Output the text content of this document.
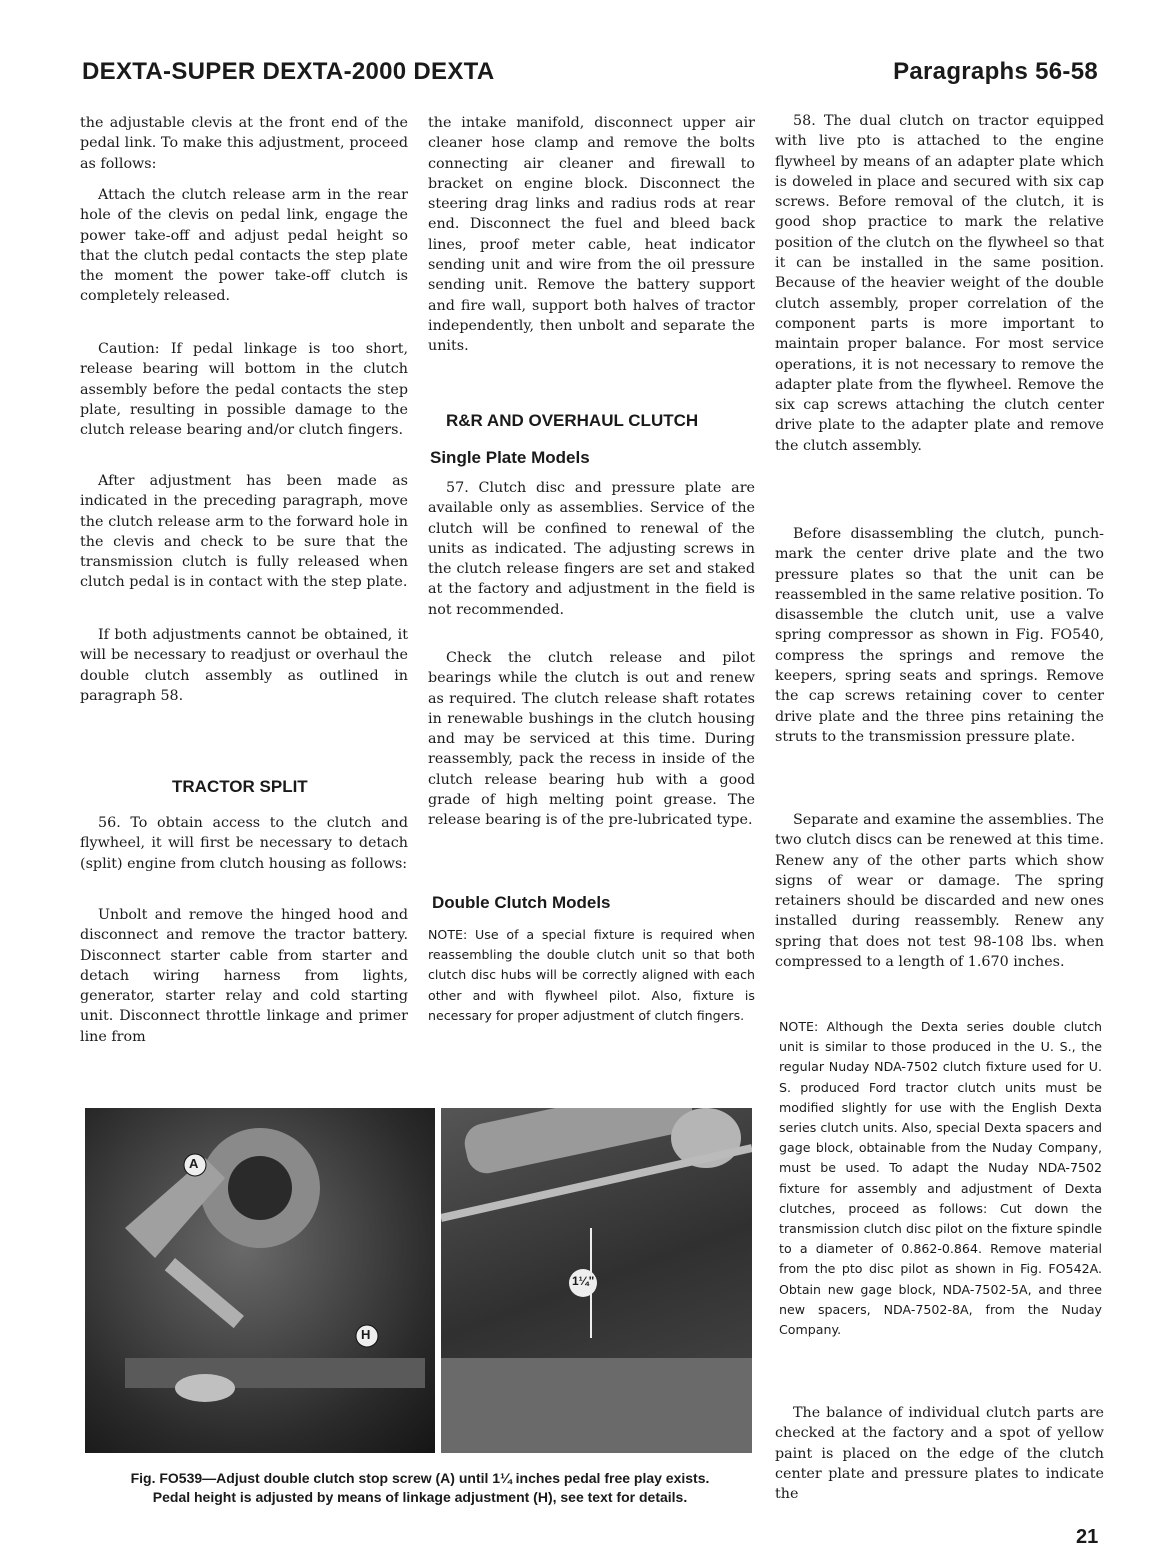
DEXTA-SUPER DEXTA-2000 DEXTA	Paragraphs 56-58

the adjustable clevis at the front end of the pedal link. To make this adjustment, proceed as follows:

Attach the clutch release arm in the rear hole of the clevis on pedal link, engage the power take-off and adjust pedal height so that the clutch pedal contacts the step plate the moment the power take-off clutch is completely released.

Caution: If pedal linkage is too short, release bearing will bottom in the clutch assembly before the pedal contacts the step plate, resulting in possible damage to the clutch release bearing and/or clutch fingers.

After adjustment has been made as indicated in the preceding paragraph, move the clutch release arm to the forward hole in the clevis and check to be sure that the transmission clutch is fully released when clutch pedal is in contact with the step plate.

If both adjustments cannot be obtained, it will be necessary to readjust or overhaul the double clutch assembly as outlined in paragraph 58.

TRACTOR SPLIT

56. To obtain access to the clutch and flywheel, it will first be necessary to detach (split) engine from clutch housing as follows:

Unbolt and remove the hinged hood and disconnect and remove the tractor battery. Disconnect starter cable from starter and detach wiring harness from lights, generator, starter relay and cold starting unit. Disconnect throttle linkage and primer line from

the intake manifold, disconnect upper air cleaner hose clamp and remove the bolts connecting air cleaner and firewall to bracket on engine block. Disconnect the steering drag links and radius rods at rear end. Disconnect the fuel and bleed back lines, proof meter cable, heat indicator sending unit and wire from the oil pressure sending unit. Remove the battery support and fire wall, support both halves of tractor independently, then unbolt and separate the units.

R&R AND OVERHAUL CLUTCH
Single Plate Models

57. Clutch disc and pressure plate are available only as assemblies. Service of the clutch will be confined to renewal of the units as indicated. The adjusting screws in the clutch release fingers are set and staked at the factory and adjustment in the field is not recommended.

Check the clutch release and pilot bearings while the clutch is out and renew as required. The clutch release shaft rotates in renewable bushings in the clutch housing and may be serviced at this time. During reassembly, pack the recess in inside of the clutch release bearing hub with a good grade of high melting point grease. The release bearing is of the pre-lubricated type.

Double Clutch Models

NOTE: Use of a special fixture is required when reassembling the double clutch unit so that both clutch disc hubs will be correctly aligned with each other and with flywheel pilot. Also, fixture is necessary for proper adjustment of clutch fingers.

58. The dual clutch on tractor equipped with live pto is attached to the engine flywheel by means of an adapter plate which is doweled in place and secured with six cap screws. Before removal of the clutch, it is good shop practice to mark the relative position of the clutch on the flywheel so that it can be installed in the same position. Because of the heavier weight of the double clutch assembly, proper correlation of the component parts is more important to maintain proper balance. For most service operations, it is not necessary to remove the adapter plate from the flywheel. Remove the six cap screws attaching the clutch center drive plate to the adapter plate and remove the clutch assembly.

Before disassembling the clutch, punch-mark the center drive plate and the two pressure plates so that the unit can be reassembled in the same relative position. To disassemble the clutch unit, use a valve spring compressor as shown in Fig. FO540, compress the springs and remove the keepers, spring seats and springs. Remove the cap screws retaining cover to center drive plate and the three pins retaining the struts to the transmission pressure plate.

Separate and examine the assemblies. The two clutch discs can be renewed at this time. Renew any of the other parts which show signs of wear or damage. The spring retainers should be discarded and new ones installed during reassembly. Renew any spring that does not test 98-108 lbs. when compressed to a length of 1.670 inches.

NOTE: Although the Dexta series double clutch unit is similar to those produced in the U. S., the regular Nuday NDA-7502 clutch fixture used for U. S. produced Ford tractor clutch units must be modified slightly for use with the English Dexta series clutch units. Also, special Dexta spacers and gage block, obtainable from the Nuday Company, must be used. To adapt the Nuday NDA-7502 fixture for assembly and adjustment of Dexta clutches, proceed as follows: Cut down the transmission clutch disc pilot on the fixture spindle to a diameter of 0.862-0.864. Remove material from the pto disc pilot as shown in Fig. FO542A. Obtain new gage block, NDA-7502-5A, and three new spacers, NDA-7502-8A, from the Nuday Company.

The balance of individual clutch parts are checked at the factory and a spot of yellow paint is placed on the edge of the clutch center plate and pressure plates to indicate the

A
H
1¼"
Fig. FO539—Adjust double clutch stop screw (A) until 1¼ inches pedal free play exists.
Pedal height is adjusted by means of linkage adjustment (H), see text for details.
21
